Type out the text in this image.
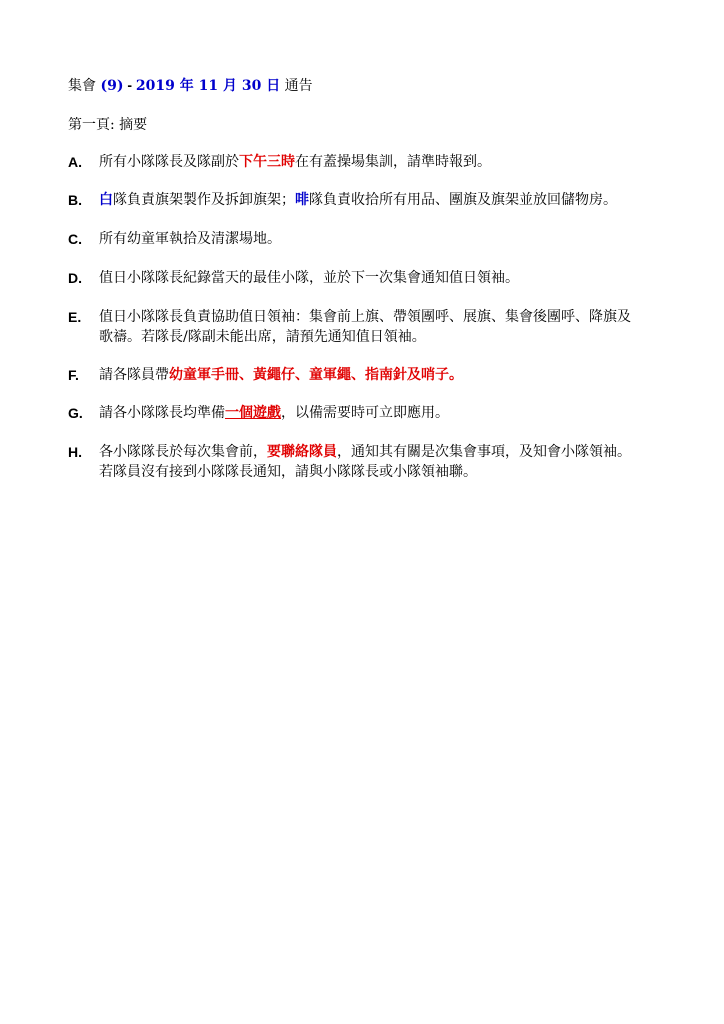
集會 (9) - 2019 年 11 月 30 日 通告
第一頁: 摘要
A.	所有小隊隊長及隊副於下午三時在有蓋操場集訓，請準時報到。
B.	白隊負責旗架製作及拆卸旗架；啡隊負責收拾所有用品、團旗及旗架並放回儲物房。
C.	所有幼童軍執拾及清潔場地。
D.	值日小隊隊長紀錄當天的最佳小隊，並於下一次集會通知值日領袖。
E.	值日小隊隊長負責協助值日領袖：集會前上旗、帶領團呼、展旗、集會後團呼、降旗及歌禱。若隊長/隊副未能出席，請預先通知值日領袖。
F.	請各隊員帶幼童軍手冊、黃繩仔、童軍繩、指南針及哨子。
G.	請各小隊隊長均準備一個遊戲，以備需要時可立即應用。
H.	各小隊隊長於每次集會前，要聯絡隊員，通知其有關是次集會事項，及知會小隊領袖。若隊員沒有接到小隊隊長通知，請與小隊隊長或小隊領袖聯。
